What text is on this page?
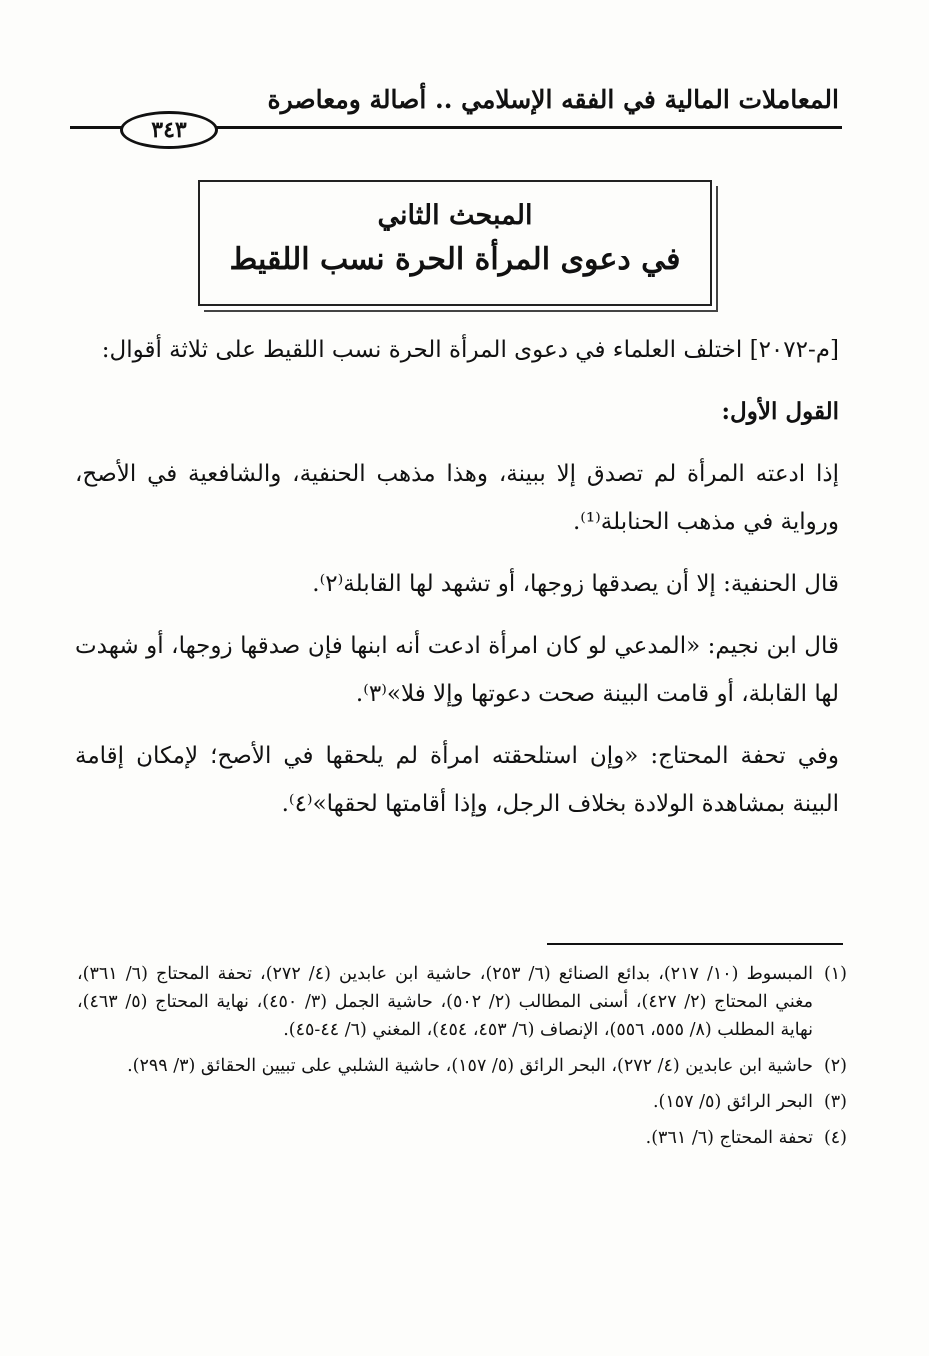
المعاملات المالية في الفقه الإسلامي .. أصالة ومعاصرة
٣٤٣
المبحث الثاني
في دعوى المرأة الحرة نسب اللقيط

[م-٢٠٧٢] اختلف العلماء في دعوى المرأة الحرة نسب اللقيط على ثلاثة أقوال:

القول الأول:

إذا ادعته المرأة لم تصدق إلا ببينة، وهذا مذهب الحنفية، والشافعية في الأصح، ورواية في مذهب الحنابلة⁽¹⁾.

قال الحنفية: إلا أن يصدقها زوجها، أو تشهد لها القابلة⁽٢⁾.

قال ابن نجيم: «المدعي لو كان امرأة ادعت أنه ابنها فإن صدقها زوجها، أو شهدت لها القابلة، أو قامت البينة صحت دعوتها وإلا فلا»⁽٣⁾.

وفي تحفة المحتاج: «وإن استلحقته امرأة لم يلحقها في الأصح؛ لإمكان إقامة البينة بمشاهدة الولادة بخلاف الرجل، وإذا أقامتها لحقها»⁽٤⁾.

(١)
المبسوط (١٠/ ٢١٧)، بدائع الصنائع (٦/ ٢٥٣)، حاشية ابن عابدين (٤/ ٢٧٢)، تحفة المحتاج (٦/ ٣٦١)، مغني المحتاج (٢/ ٤٢٧)، أسنى المطالب (٢/ ٥٠٢)، حاشية الجمل (٣/ ٤٥٠)، نهاية المحتاج (٥/ ٤٦٣)، نهاية المطلب (٨/ ٥٥٥، ٥٥٦)، الإنصاف (٦/ ٤٥٣، ٤٥٤)، المغني (٦/ ٤٤-٤٥).
(٢)
حاشية ابن عابدين (٤/ ٢٧٢)، البحر الرائق (٥/ ١٥٧)، حاشية الشلبي على تبيين الحقائق (٣/ ٢٩٩).
(٣)
البحر الرائق (٥/ ١٥٧).
(٤)
تحفة المحتاج (٦/ ٣٦١).
